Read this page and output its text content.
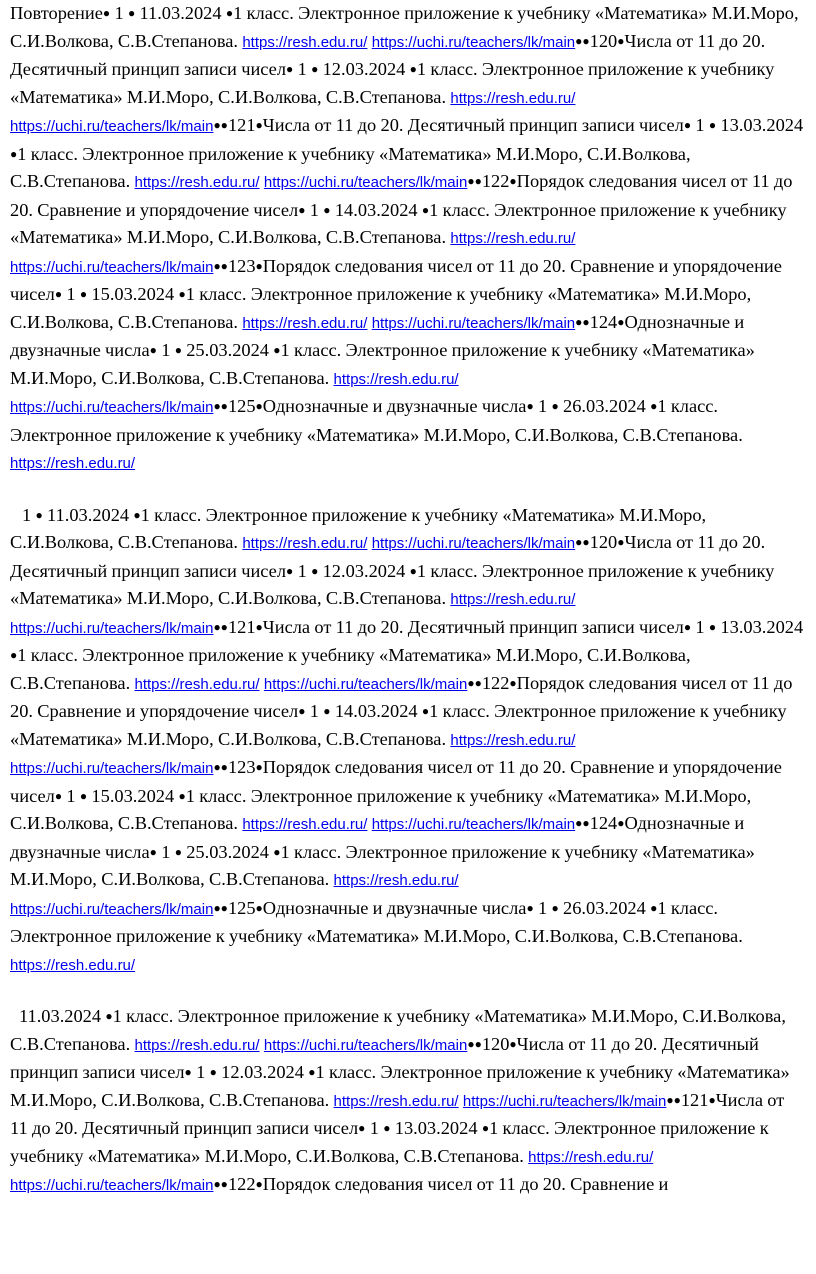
Повторение● 1 ● 11.03.2024 ●1 класс. Электронное приложение к учебнику «Математика» М.И.Моро, С.И.Волкова, С.В.Степанова. https://resh.edu.ru/ https://uchi.ru/teachers/lk/main●●120●Числа от 11 до 20. Десятичный принцип записи чисел● 1 ● 12.03.2024 ●1 класс. Электронное приложение к учебнику «Математика» М.И.Моро, С.И.Волкова, С.В.Степанова. https://resh.edu.ru/ https://uchi.ru/teachers/lk/main●●121●Числа от 11 до 20. Десятичный принцип записи чисел● 1 ● 13.03.2024 ●1 класс. Электронное приложение к учебнику «Математика» М.И.Моро, С.И.Волкова, С.В.Степанова. https://resh.edu.ru/ https://uchi.ru/teachers/lk/main●●122●Порядок следования чисел от 11 до 20. Сравнение и упорядочение чисел● 1 ● 14.03.2024 ●1 класс. Электронное приложение к учебнику «Математика» М.И.Моро, С.И.Волкова, С.В.Степанова. https://resh.edu.ru/ https://uchi.ru/teachers/lk/main●●123●Порядок следования чисел от 11 до 20. Сравнение и упорядочение чисел● 1 ● 15.03.2024 ●1 класс. Электронное приложение к учебнику «Математика» М.И.Моро, С.И.Волкова, С.В.Степанова. https://resh.edu.ru/ https://uchi.ru/teachers/lk/main●●124●Однозначные и двузначные числа● 1 ● 25.03.2024 ●1 класс. Электронное приложение к учебнику «Математика» М.И.Моро, С.И.Волкова, С.В.Степанова. https://resh.edu.ru/ https://uchi.ru/teachers/lk/main●●125●Однозначные и двузначные числа● 1 ● 26.03.2024 ●1 класс. Электронное приложение к учебнику «Математика» М.И.Моро, С.И.Волкова, С.В.Степанова. https://resh.edu.ru/

1 ● 11.03.2024 ●1 класс. Электронное приложение к учебнику «Математика» М.И.Моро, С.И.Волкова, С.В.Степанова. https://resh.edu.ru/ https://uchi.ru/teachers/lk/main●●120●Числа от 11 до 20. Десятичный принцип записи чисел● 1 ● 12.03.2024 ●1 класс. Электронное приложение к учебнику «Математика» М.И.Моро, С.И.Волкова, С.В.Степанова. https://resh.edu.ru/ https://uchi.ru/teachers/lk/main●●121●Числа от 11 до 20. Десятичный принцип записи чисел● 1 ● 13.03.2024 ●1 класс. Электронное приложение к учебнику «Математика» М.И.Моро, С.И.Волкова, С.В.Степанова. https://resh.edu.ru/ https://uchi.ru/teachers/lk/main●●122●Порядок следования чисел от 11 до 20. Сравнение и упорядочение чисел● 1 ● 14.03.2024 ●1 класс. Электронное приложение к учебнику «Математика» М.И.Моро, С.И.Волкова, С.В.Степанова. https://resh.edu.ru/ https://uchi.ru/teachers/lk/main●●123●Порядок следования чисел от 11 до 20. Сравнение и упорядочение чисел● 1 ● 15.03.2024 ●1 класс. Электронное приложение к учебнику «Математика» М.И.Моро, С.И.Волкова, С.В.Степанова. https://resh.edu.ru/ https://uchi.ru/teachers/lk/main●●124●Однозначные и двузначные числа● 1 ● 25.03.2024 ●1 класс. Электронное приложение к учебнику «Математика» М.И.Моро, С.И.Волкова, С.В.Степанова. https://resh.edu.ru/ https://uchi.ru/teachers/lk/main●●125●Однозначные и двузначные числа● 1 ● 26.03.2024 ●1 класс. Электронное приложение к учебнику «Математика» М.И.Моро, С.И.Волкова, С.В.Степанова. https://resh.edu.ru/

11.03.2024 ●1 класс. Электронное приложение к учебнику «Математика» М.И.Моро, С.И.Волкова, С.В.Степанова. https://resh.edu.ru/ https://uchi.ru/teachers/lk/main●●120●Числа от 11 до 20. Десятичный принцип записи чисел● 1 ● 12.03.2024 ●1 класс. Электронное приложение к учебнику «Математика» М.И.Моро, С.И.Волкова, С.В.Степанова. https://resh.edu.ru/ https://uchi.ru/teachers/lk/main●●121●Числа от 11 до 20. Десятичный принцип записи чисел● 1 ● 13.03.2024 ●1 класс. Электронное приложение к учебнику «Математика» М.И.Моро, С.И.Волкова, С.В.Степанова. https://resh.edu.ru/ https://uchi.ru/teachers/lk/main●●122●Порядок следования чисел от 11 до 20. Сравнение и
